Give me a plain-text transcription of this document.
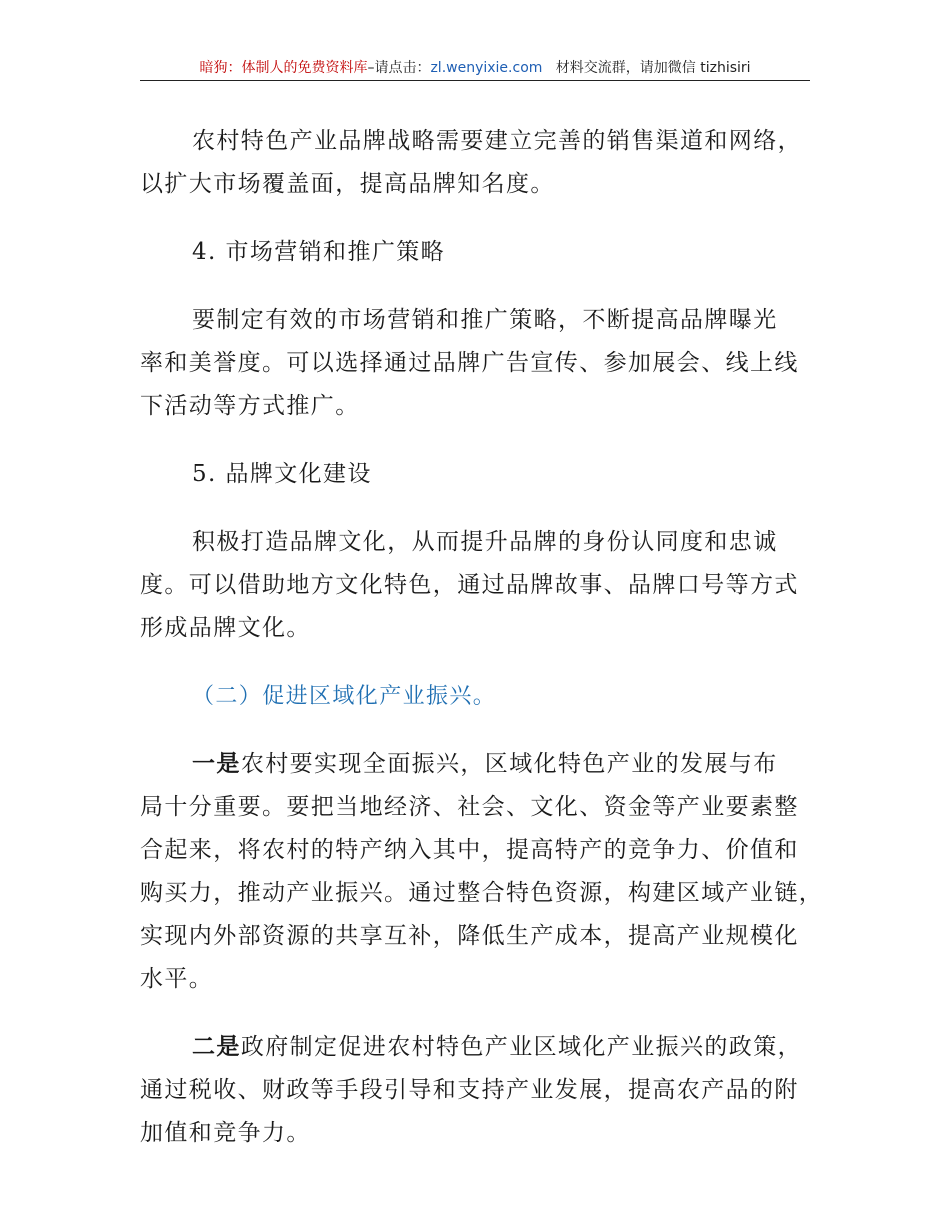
暗狗：体制人的免费资料库–请点击：zl.wenyixie.com 材料交流群，请加微信 tizhisiri
农村特色产业品牌战略需要建立完善的销售渠道和网络，
以扩大市场覆盖面，提高品牌知名度。
4. 市场营销和推广策略
要制定有效的市场营销和推广策略，不断提高品牌曝光
率和美誉度。可以选择通过品牌广告宣传、参加展会、线上线
下活动等方式推广。
5. 品牌文化建设
积极打造品牌文化，从而提升品牌的身份认同度和忠诚
度。可以借助地方文化特色，通过品牌故事、品牌口号等方式
形成品牌文化。
（二）促进区域化产业振兴。
一是农村要实现全面振兴，区域化特色产业的发展与布
局十分重要。要把当地经济、社会、文化、资金等产业要素整
合起来，将农村的特产纳入其中，提高特产的竞争力、价值和
购买力，推动产业振兴。通过整合特色资源，构建区域产业链，
实现内外部资源的共享互补，降低生产成本，提高产业规模化
水平。
二是政府制定促进农村特色产业区域化产业振兴的政策，
通过税收、财政等手段引导和支持产业发展，提高农产品的附
加值和竞争力。
